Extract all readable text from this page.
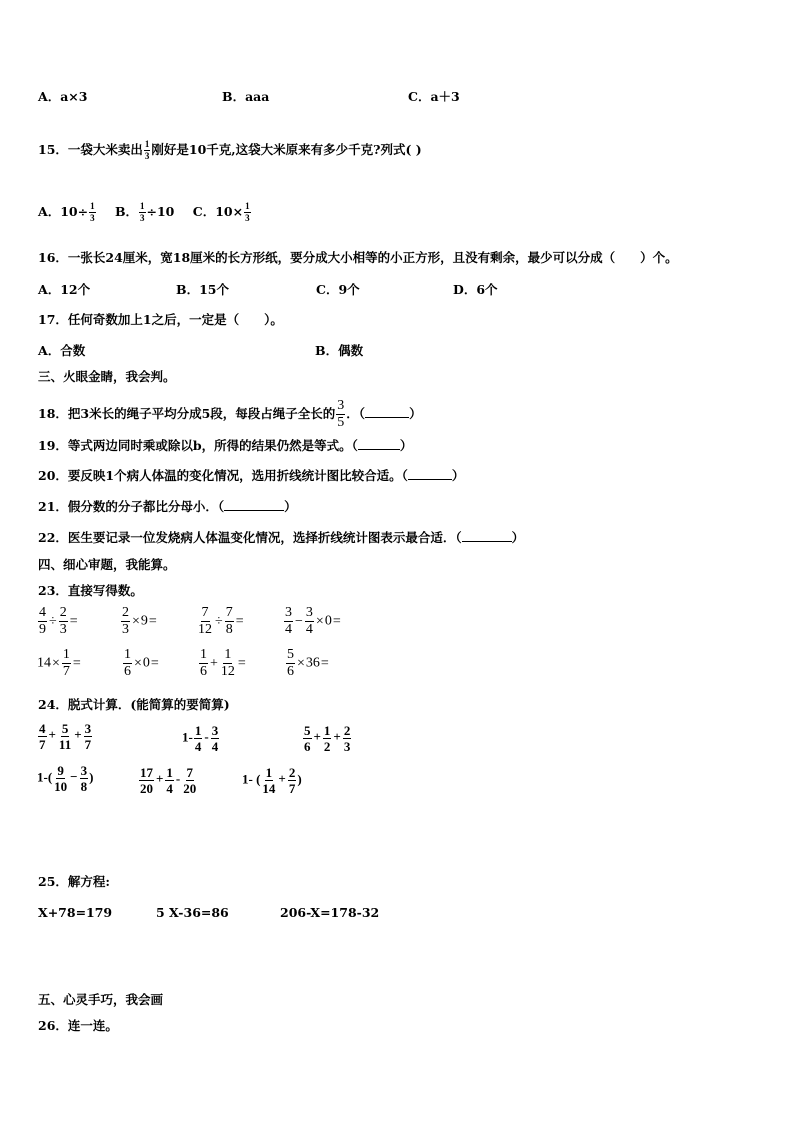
A．a×3	B．aaa	C．a＋3
15．一袋大米卖出 $\frac{1}{3}$ 刚好是10千克,这袋大米原来有多少千克?列式( )
A．$10\div \frac{1}{3}$ B． $\frac{1}{3} \div 10$ C．$10\times \frac{1}{3}$
16．一张长24厘米，宽18厘米的长方形纸，要分成大小相等的小正方形，且没有剩余，最少可以分成（　　）个。
A．12个	B．15个	C．9个	D．6个
17．任何奇数加上1之后，一定是（　　）。
A．合数	B．偶数
三、火眼金睛，我会判。
18．把3米长的绳子平均分成5段，每段占绳子全长的 $\frac{3}{5}$ ．（	）
19．等式两边同时乘或除以b，所得的结果仍然是等式。（	）
20．要反映1个病人体温的变化情况，选用折线统计图比较合适。（	）
21．假分数的分子都比分母小．（	）
22．医生要记录一位发烧病人体温变化情况，选择折线统计图表示最合适．（	）
四、细心审题，我能算。
23．直接写得数。
$\frac{4}{9} \div \frac{2}{3}$ =	$\frac{2}{3} \times 9=$	$\frac{7}{12} \div \frac{7}{8}$ =	$\frac{3}{4} - \frac{3}{4} \times 0=$
$14\times \frac{1}{7}$ =	$\frac{1}{6} \times 0=$	$\frac{1}{6} + \frac{1}{12}$ =	$\frac{5}{6} \times 36=$
24．脱式计算．(能简算的要简算)
$\frac{4}{7} + \frac{5}{11} + \frac{3}{7}$	$1- \frac{1}{4} - \frac{3}{4}$	$\frac{5}{6} + \frac{1}{2} + \frac{2}{3}$
$1-( \frac{9}{10} - \frac{3}{8}$ )	$\frac{17}{20} + \frac{1}{4} - \frac{7}{20}$	1- ( $\frac{1}{14} + \frac{2}{7}$ )
25．解方程:
X+78=179	5 X-36=86	206-X=178-32
五、心灵手巧，我会画
26．连一连。
